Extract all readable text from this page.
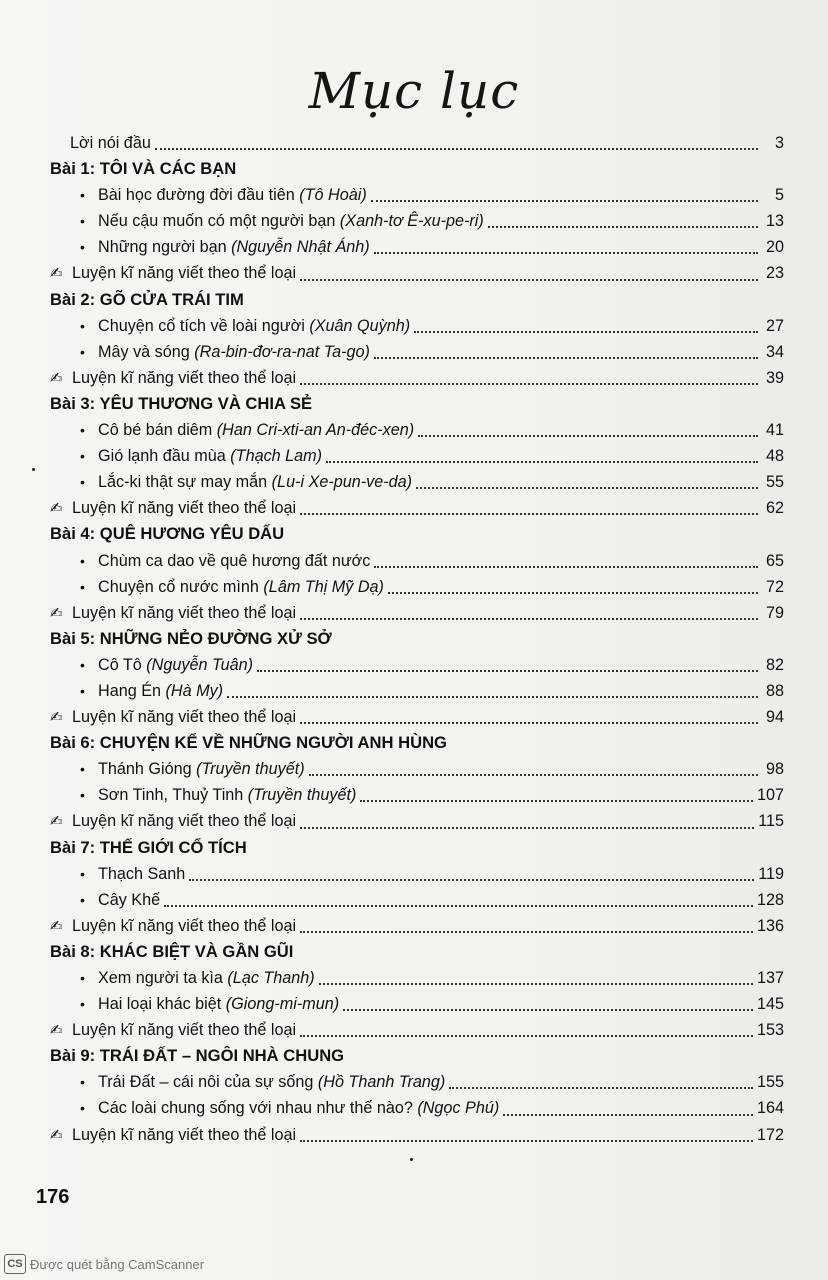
Mục lục
Lời nói đầu	3
Bài 1: TÔI VÀ CÁC BẠN
• Bài học đường đời đầu tiên (Tô Hoài)	5
• Nếu cậu muốn có một người bạn (Xanh-tơ Ê-xu-pe-ri)	13
• Những người bạn (Nguyễn Nhật Ánh)	20
✍ Luyện kĩ năng viết theo thể loại	23
Bài 2: GÕ CỬA TRÁI TIM
• Chuyện cổ tích về loài người (Xuân Quỳnh)	27
• Mây và sóng (Ra-bin-đơ-ra-nat Ta-go)	34
✍ Luyện kĩ năng viết theo thể loại	39
Bài 3: YÊU THƯƠNG VÀ CHIA SẺ
• Cô bé bán diêm (Han Cri-xti-an An-đéc-xen)	41
• Gió lạnh đầu mùa (Thạch Lam)	48
• Lắc-ki thật sự may mắn (Lu-i Xe-pun-ve-da)	55
✍ Luyện kĩ năng viết theo thể loại	62
Bài 4: QUÊ HƯƠNG YÊU DẤU
• Chùm ca dao về quê hương đất nước	65
• Chuyện cổ nước mình (Lâm Thị Mỹ Dạ)	72
✍ Luyện kĩ năng viết theo thể loại	79
Bài 5: NHỮNG NẺO ĐƯỜNG XỬ SỞ
• Cô Tô (Nguyễn Tuân)	82
• Hang Én (Hà My)	88
✍ Luyện kĩ năng viết theo thể loại	94
Bài 6: CHUYỆN KỂ VỀ NHỮNG NGƯỜI ANH HÙNG
• Thánh Gióng (Truyền thuyết)	98
• Sơn Tinh, Thuỷ Tinh (Truyền thuyết)	107
✍ Luyện kĩ năng viết theo thể loại	115
Bài 7: THẾ GIỚI CỔ TÍCH
• Thạch Sanh	119
• Cây Khế	128
✍ Luyện kĩ năng viết theo thể loại	136
Bài 8: KHÁC BIỆT VÀ GẦN GŨI
• Xem người ta kìa (Lạc Thanh)	137
• Hai loại khác biệt (Giong-mi-mun)	145
✍ Luyện kĩ năng viết theo thể loại	153
Bài 9: TRÁI ĐẤT – NGÔI NHÀ CHUNG
• Trái Đất – cái nôi của sự sống (Hồ Thanh Trang)	155
• Các loài chung sống với nhau như thế nào? (Ngọc Phú)	164
✍ Luyện kĩ năng viết theo thể loại	172
176
CS Được quét bằng CamScanner
